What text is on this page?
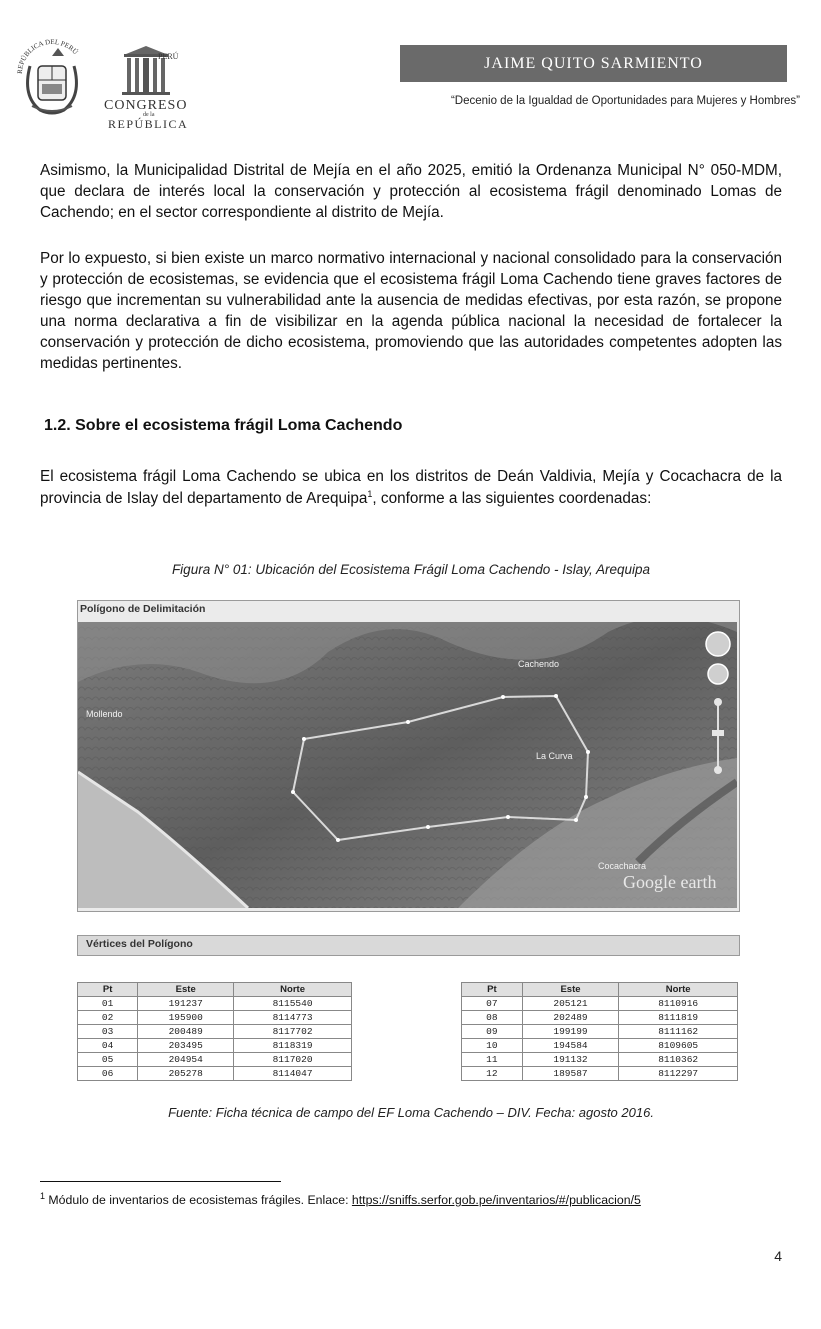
REPÚBLICA DEL PERÚ
PERÚ
CONGRESO
de la
REPÚBLICA
JAIME QUITO SARMIENTO
“Decenio de la Igualdad de Oportunidades para Mujeres y Hombres”
Asimismo, la Municipalidad Distrital de Mejía en el año 2025, emitió la Ordenanza Municipal N° 050-MDM, que declara de interés local la conservación y protección al ecosistema frágil denominado Lomas de Cachendo; en el sector correspondiente al distrito de Mejía.
Por lo expuesto, si bien existe un marco normativo internacional y nacional consolidado para la conservación y protección de ecosistemas, se evidencia que el ecosistema frágil Loma Cachendo tiene graves factores de riesgo que incrementan su vulnerabilidad ante la ausencia de medidas efectivas, por esta razón, se propone una norma declarativa a fin de visibilizar en la agenda pública nacional la necesidad de fortalecer la conservación y protección de dicho ecosistema, promoviendo que las autoridades competentes adopten las medidas pertinentes.
1.2. Sobre el ecosistema frágil Loma Cachendo
El ecosistema frágil Loma Cachendo se ubica en los distritos de Deán Valdivia, Mejía y Cocachacra de la provincia de Islay del departamento de Arequipa$^1$, conforme a las siguientes coordenadas:
Figura N° 01: Ubicación del Ecosistema Frágil Loma Cachendo - Islay, Arequipa
Polígono de Delimitación
Mollendo
Cachendo
La Curva
Cocachacra
Google earth
Vértices del Polígono
Pt	Este	Norte
01	191237	8115540
02	195900	8114773
03	200489	8117702
04	203495	8118319
05	204954	8117020
06	205278	8114047
Pt	Este	Norte
07	205121	8110916
08	202489	8111819
09	199199	8111162
10	194584	8109605
11	191132	8110362
12	189587	8112297
Fuente: Ficha técnica de campo del EF Loma Cachendo – DIV. Fecha: agosto 2016.
$^1$ Módulo de inventarios de ecosistemas frágiles. Enlace: https://sniffs.serfor.gob.pe/inventarios/#/publicacion/5
4
